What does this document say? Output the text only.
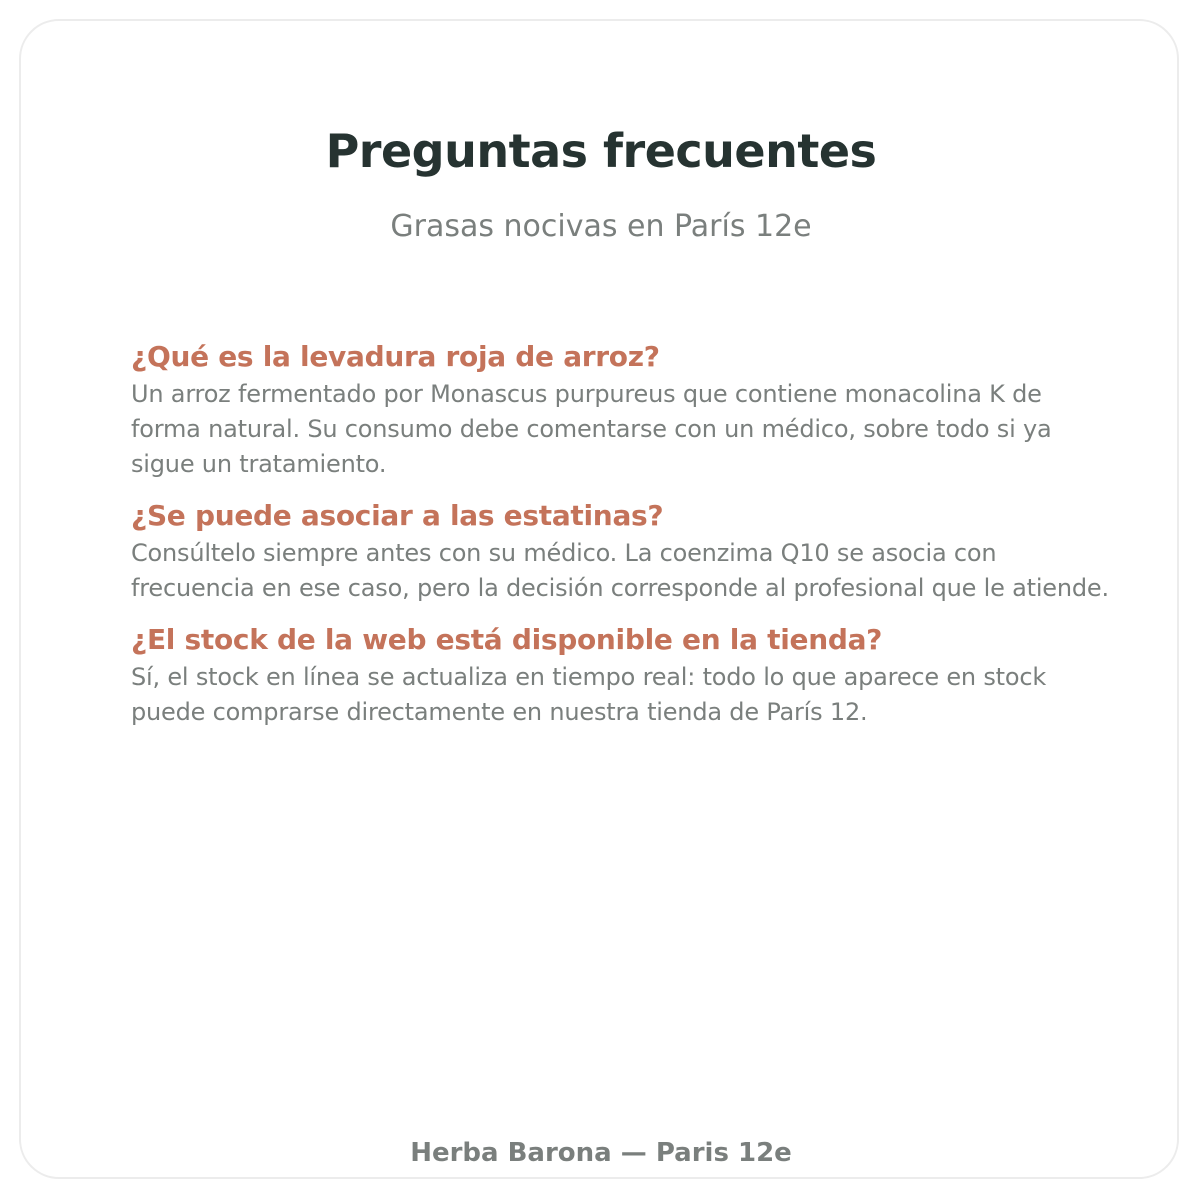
Preguntas frecuentes

Grasas nocivas en París 12e

¿Qué es la levadura roja de arroz?

Un arroz fermentado por Monascus purpureus que contiene monacolina K de forma natural. Su consumo debe comentarse con un médico, sobre todo si ya sigue un tratamiento.

¿Se puede asociar a las estatinas?

Consúltelo siempre antes con su médico. La coenzima Q10 se asocia con frecuencia en ese caso, pero la decisión corresponde al profesional que le atiende.

¿El stock de la web está disponible en la tienda?

Sí, el stock en línea se actualiza en tiempo real: todo lo que aparece en stock puede comprarse directamente en nuestra tienda de París 12.

Herba Barona — Paris 12e
